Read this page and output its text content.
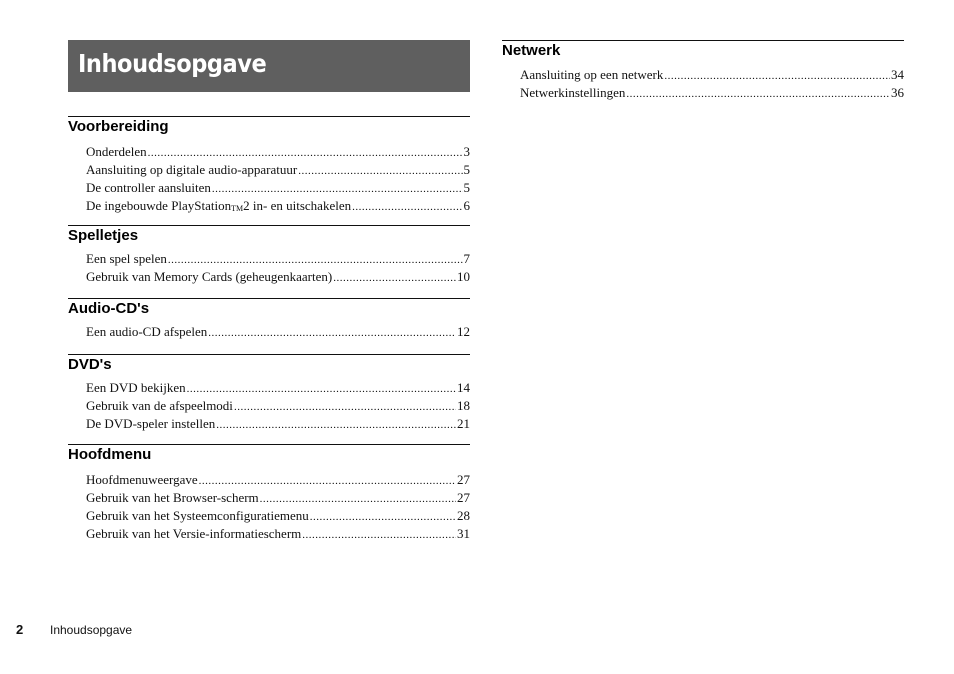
Inhoudsopgave
Voorbereiding
Onderdelen .....	3
Aansluiting op digitale audio-apparatuur .....	5
De controller aansluiten .....	5
De ingebouwde PlayStation$_{TM}$2 in- en uitschakelen .....	6
Spelletjes
Een spel spelen .....	7
Gebruik van Memory Cards (geheugenkaarten) .....	10
Audio-CD's
Een audio-CD afspelen .....	12
DVD's
Een DVD bekijken .....	14
Gebruik van de afspeelmodi .....	18
De DVD-speler instellen .....	21
Hoofdmenu
Hoofdmenuweergave .....	27
Gebruik van het Browser-scherm .....	27
Gebruik van het Systeemconfiguratiemenu .....	28
Gebruik van het Versie-informatiescherm .....	31
Netwerk
Aansluiting op een netwerk .....	34
Netwerkinstellingen .....	36
2 Inhoudsopgave
